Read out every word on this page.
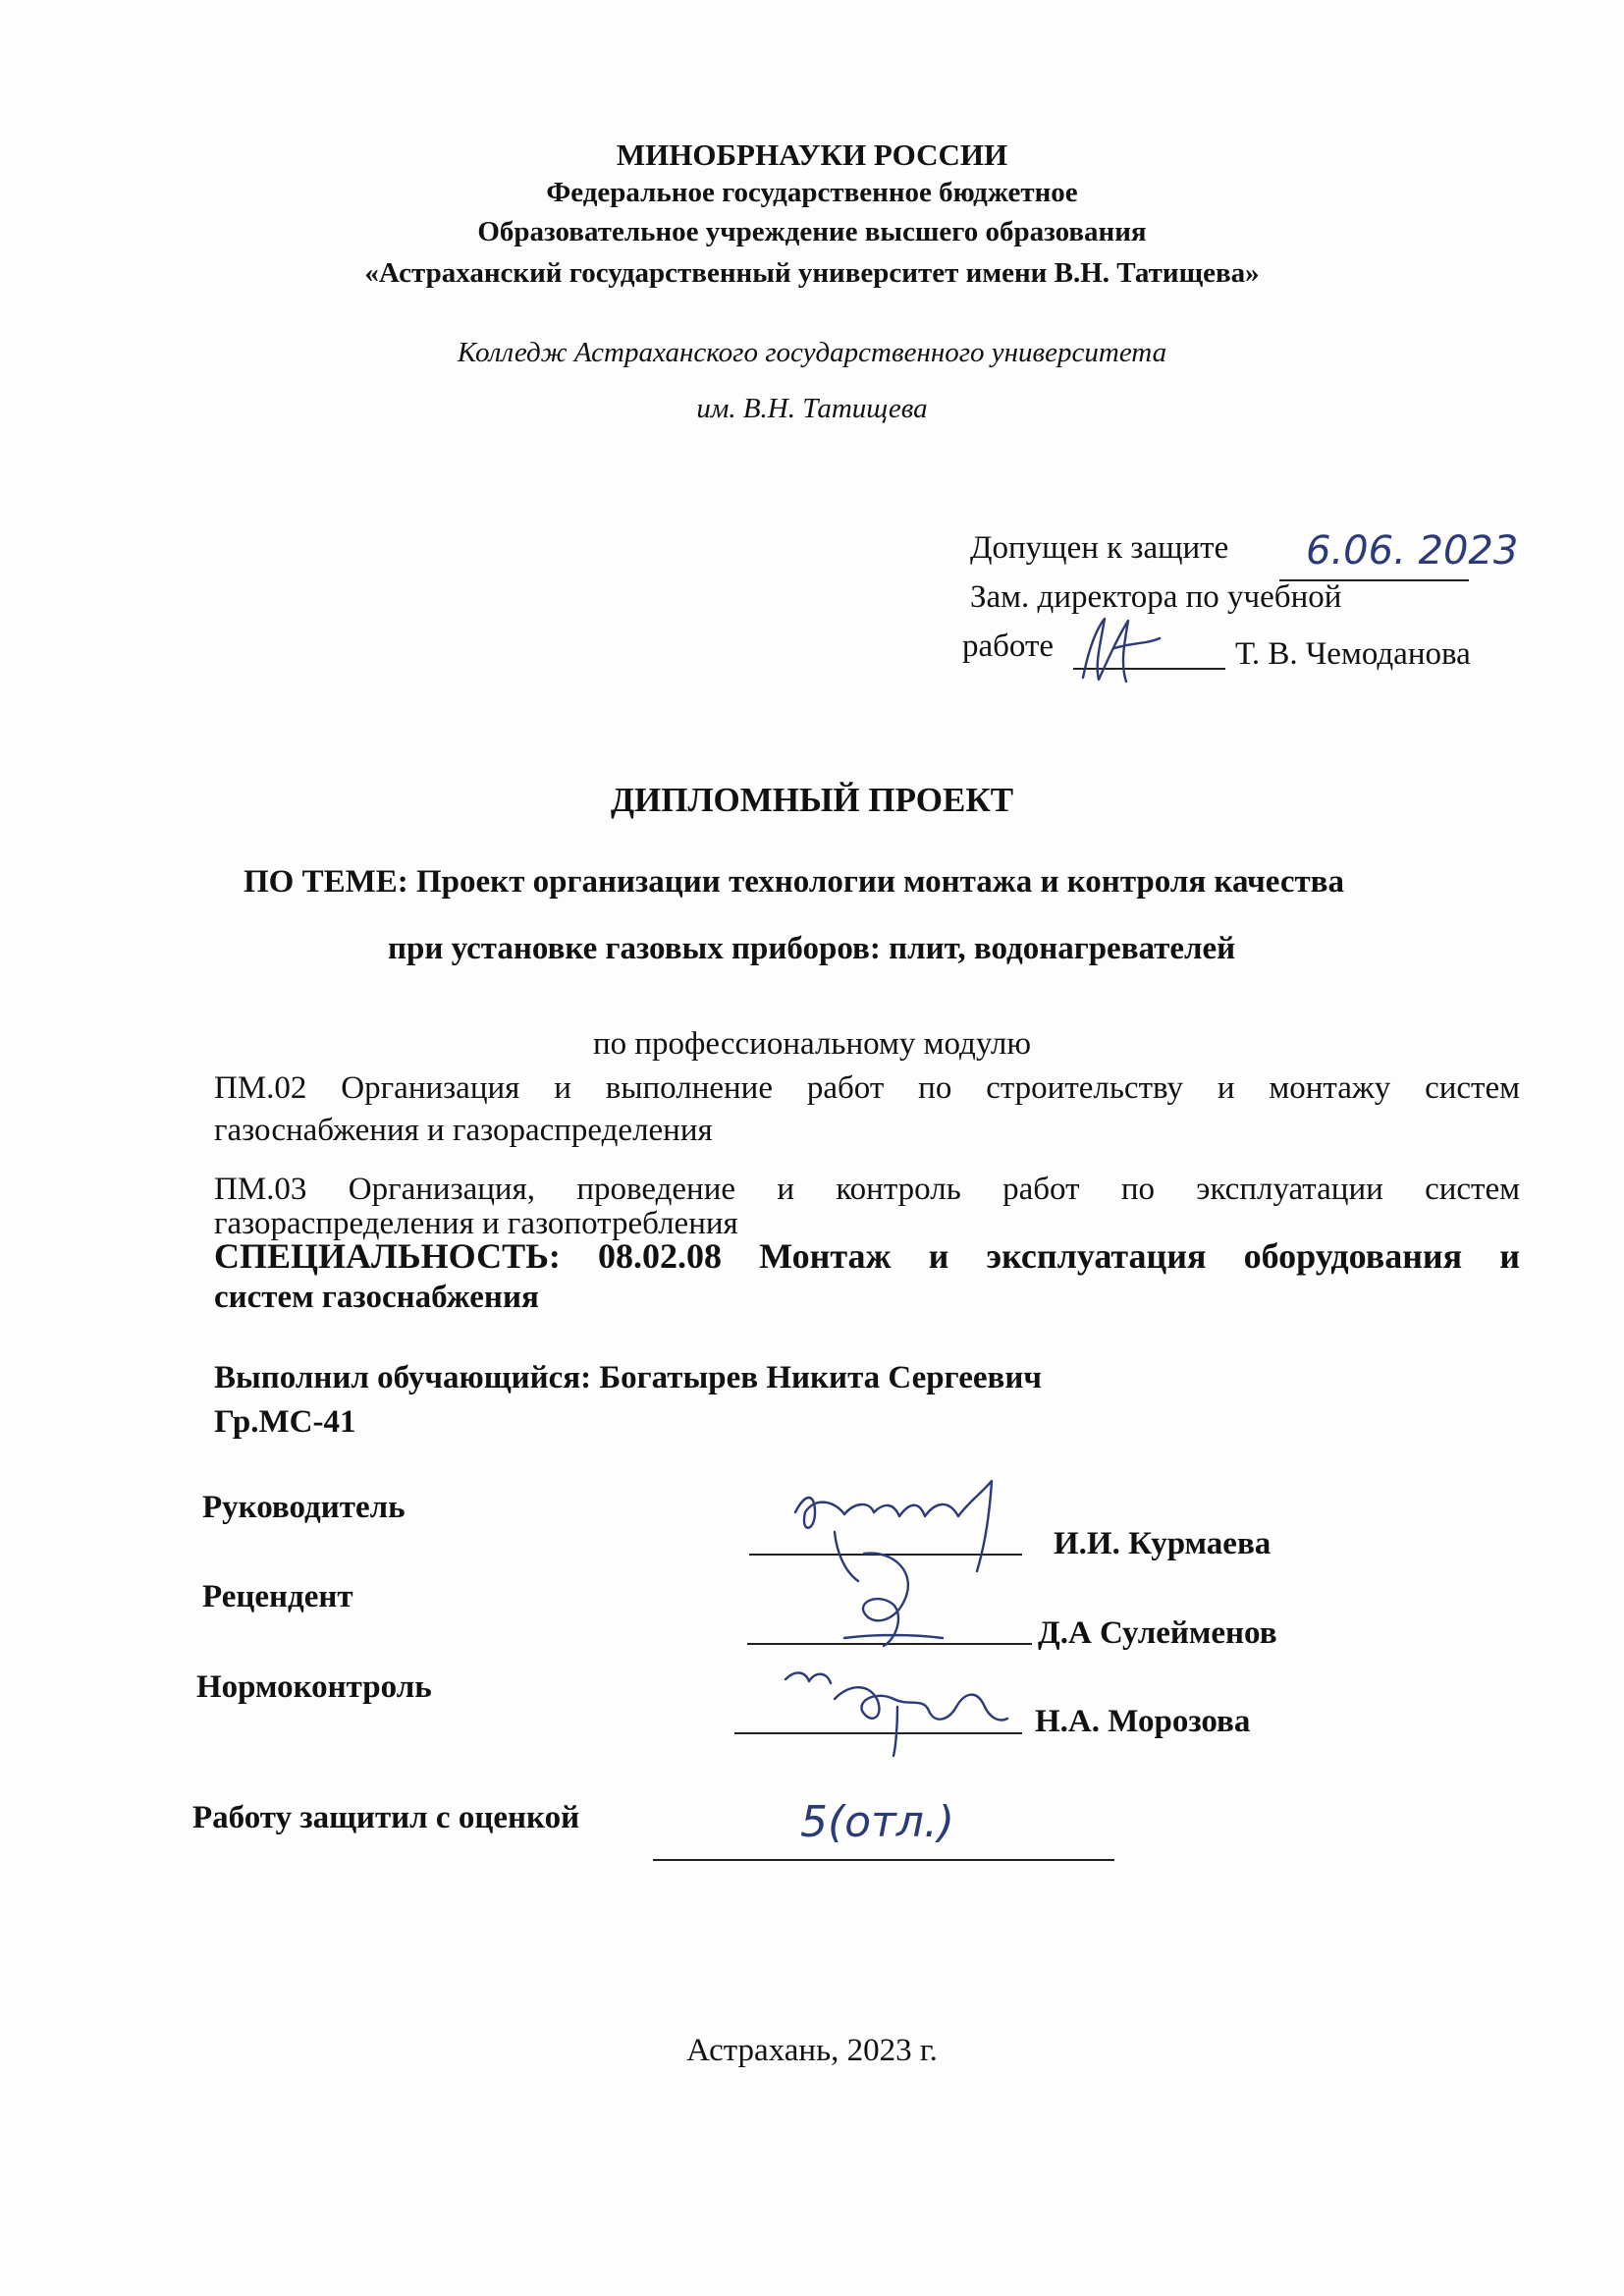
МИНОБРНАУКИ РОССИИ
Федеральное государственное бюджетное
Образовательное учреждение высшего образования
«Астраханский государственный университет имени В.Н. Татищева»
Колледж Астраханского государственного университета
им. В.Н. Татищева
Допущен к защите 6.06. 2023
Зам. директора по учебной
работе	Т. В. Чемоданова
ДИПЛОМНЫЙ ПРОЕКТ
ПО ТЕМЕ: Проект организации технологии монтажа и контроля качества
при установке газовых приборов: плит, водонагревателей
по профессиональному модулю
ПМ.02 Организация и выполнение работ по строительству и монтажу систем
газоснабжения и газораспределения
ПМ.03 Организация, проведение и контроль работ по эксплуатации систем
газораспределения и газопотребления
СПЕЦИАЛЬНОСТЬ: 08.02.08 Монтаж и эксплуатация оборудования и
систем газоснабжения
Выполнил обучающийся: Богатырев Никита Сергеевич
Гр.МС-41
Руководитель
И.И. Курмаева
Рецендент
Д.А Сулейменов
Нормоконтроль
Н.А. Морозова
Работу защитил с оценкой	5(отл.)
Астрахань, 2023 г.
